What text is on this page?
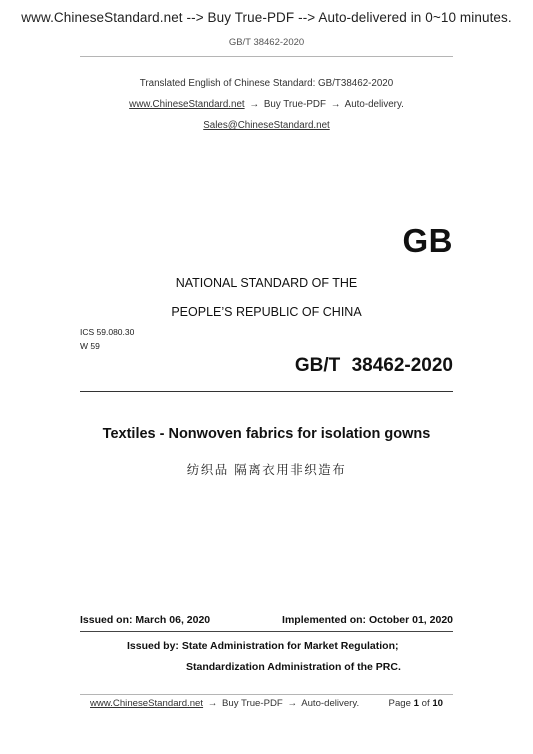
www.ChineseStandard.net --> Buy True-PDF --> Auto-delivered in 0~10 minutes.
GB/T 38462-2020
Translated English of Chinese Standard: GB/T38462-2020
www.ChineseStandard.net → Buy True-PDF → Auto-delivery.
Sales@ChineseStandard.net
GB
NATIONAL STANDARD OF THE
PEOPLE’S REPUBLIC OF CHINA
ICS 59.080.30
W 59
GB/T 38462-2020
Textiles - Nonwoven fabrics for isolation gowns
纺织品 隔离衣用非织造布
Issued on: March 06, 2020	Implemented on: October 01, 2020
Issued by: State Administration for Market Regulation;
Standardization Administration of the PRC.
www.ChineseStandard.net → Buy True-PDF → Auto-delivery.	Page 1 of 10
